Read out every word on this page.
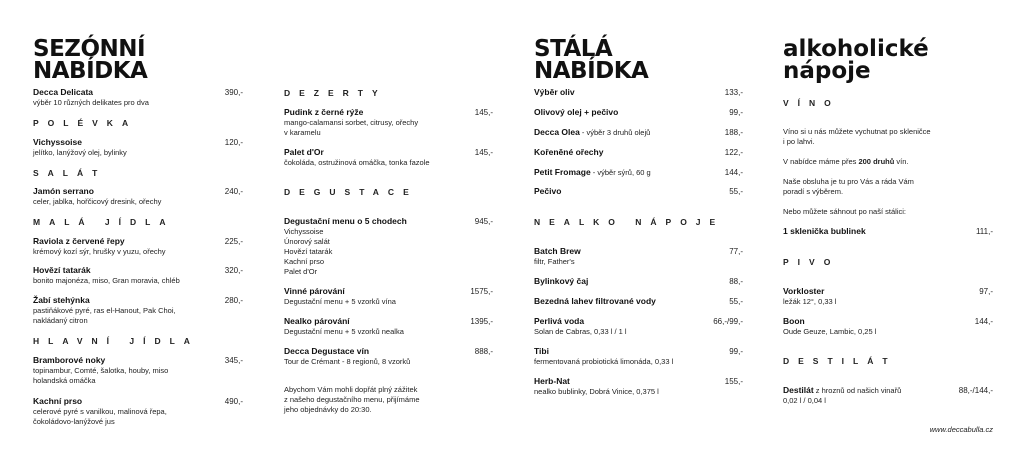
SEZÓNNÍ
NABÍDKA
STÁLÁ
NABÍDKA
alkoholické
nápoje
Decca Delicata
výběr 10 různých delikates pro dva
390,-
POLÉVKA
Vichyssoise
jelítko, lanýžový olej, bylinky
120,-
SALÁT
Jamón serrano
celer, jablka, hořčicový dresink, ořechy
240,-
MALÁ JÍDLA
Raviola z červené řepy
krémový kozí sýr, hrušky v yuzu, ořechy
225,-
Hovězí tatarák
bonito majonéza, miso, Gran moravia, chléb
320,-
Žabí stehýnka
pastiňákové pyré, ras el-Hanout, Pak Choi,
nakládaný citron
280,-
HLAVNÍ JÍDLA
Bramborové noky
topinambur, Comté, šalotka, houby, miso
holandská omáčka
345,-
Kachní prso
celerové pyré s vanilkou, malinová řepa,
čokoládovo-lanýžové jus
490,-
DEZERTY
Pudink z černé rýže
mango-calamansi sorbet, citrusy, ořechy
v karamelu
145,-
Palet d'Or
čokoláda, ostružinová omáčka, tonka fazole
145,-
DEGUSTACE
Degustační menu o 5 chodech
Vichyssoise
Únorový salát
Hovězí tatarák
Kachní prso
Palet d'Or
945,-
Vinné párování
Degustační menu + 5 vzorků vína
1575,-
Nealko párování
Degustační menu + 5 vzorků nealka
1395,-
Decca Degustace vín
Tour de Crémant - 8 regionů, 8 vzorků
888,-
Abychom Vám mohli dopřát plný zážitek
z našeho degustačního menu, přijímáme
jeho objednávky do 20:30.
Výběr oliv	133,-
Olivový olej + pečivo	99,-
Decca Olea - výběr 3 druhů olejů	188,-
Kořeněné ořechy	122,-
Petit Fromage - výběr sýrů, 60 g	144,-
Pečivo	55,-
NEALKO NÁPOJE
Batch Brew
filtr, Father's
77,-
Bylinkový čaj	88,-
Bezedná lahev filtrované vody	55,-
Perlivá voda
Solan de Cabras, 0,33 l / 1 l
66,-/99,-
Tibi
fermentovaná probiotická limonáda, 0,33 l
99,-
Herb-Nat
nealko bublinky, Dobrá Vinice, 0,375 l
155,-
VÍNO
Víno si u nás můžete vychutnat po skleničce
i po lahvi.
V nabídce máme přes 200 druhů vín.
Naše obsluha je tu pro Vás a ráda Vám
poradí s výběrem.
Nebo můžete sáhnout po naší stálici:
1 sklenička bublinek	111,-
PIVO
Vorkloster
ležák 12°, 0,33 l
97,-
Boon
Oude Geuze, Lambic, 0,25 l
144,-
DESTILÁT
Destilát z hroznů od našich vinařů
0,02 l / 0,04 l
88,-/144,-
www.deccabulla.cz
